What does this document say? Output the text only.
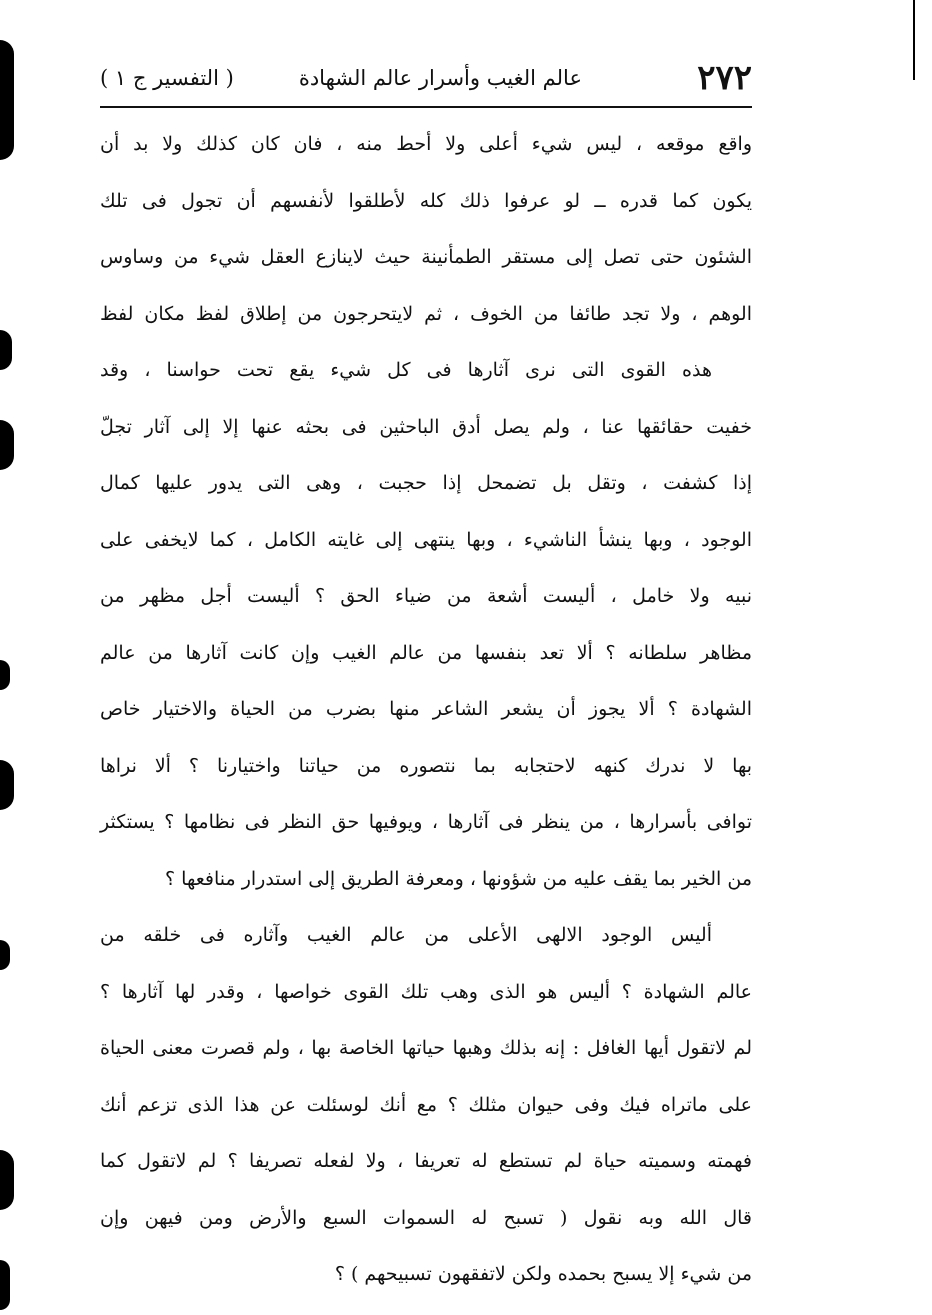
٢٧٢
عالم الغيب وأسرار عالم الشهادة
( التفسير ج ١ )
واقع موقعه ، ليس شيء أعلى ولا أحط منه ، فان كان كذلك ولا بد أن
يكون كما قدره ــ لو عرفوا ذلك كله لأطلقوا لأنفسهم أن تجول فى تلك
الشئون حتى تصل إلى مستقر الطمأنينة حيث لاينازع العقل شيء من وساوس
الوهم ، ولا تجد طائفا من الخوف ، ثم لايتحرجون من إطلاق لفظ مكان لفظ
هذه القوى التى نرى آثارها فى كل شيء يقع تحت حواسنا ، وقد
خفيت حقائقها عنا ، ولم يصل أدق الباحثين فى بحثه عنها إلا إلى آثار تجلّ
إذا كشفت ، وتقل بل تضمحل إذا حجبت ، وهى التى يدور عليها كمال
الوجود ، وبها ينشأ الناشيء ، وبها ينتهى إلى غايته الكامل ، كما لايخفى على
نبيه ولا خامل ، أليست أشعة من ضياء الحق ؟ أليست أجل مظهر من
مظاهر سلطانه ؟ ألا تعد بنفسها من عالم الغيب وإن كانت آثارها من عالم
الشهادة ؟ ألا يجوز أن يشعر الشاعر منها بضرب من الحياة والاختيار خاص
بها لا ندرك كنهه لاحتجابه بما نتصوره من حياتنا واختيارنا ؟ ألا نراها
توافى بأسرارها ، من ينظر فى آثارها ، ويوفيها حق النظر فى نظامها ؟ يستكثر
من الخير بما يقف عليه من شؤونها ، ومعرفة الطريق إلى استدرار منافعها ؟
أليس الوجود الالهى الأعلى من عالم الغيب وآثاره فى خلقه من
عالم الشهادة ؟ أليس هو الذى وهب تلك القوى خواصها ، وقدر لها آثارها ؟
لم لاتقول أيها الغافل : إنه بذلك وهبها حياتها الخاصة بها ، ولم قصرت معنى الحياة
على ماتراه فيك وفى حيوان مثلك ؟ مع أنك لوسئلت عن هذا الذى تزعم أنك
فهمته وسميته حياة لم تستطع له تعريفا ، ولا لفعله تصريفا ؟ لم لاتقول كما
قال الله وبه نقول ( تسبح له السموات السبع والأرض ومن فيهن وإن
من شيء إلا يسبح بحمده ولكن لاتفقهون تسبيحهم ) ؟
